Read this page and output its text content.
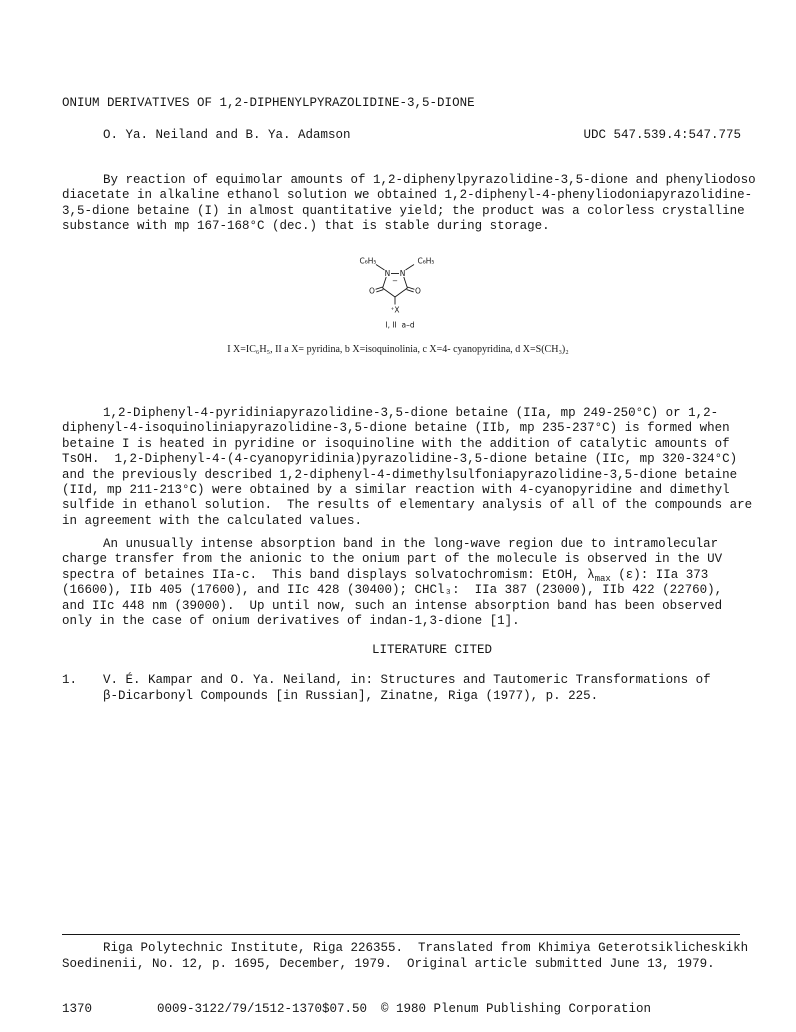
ONIUM DERIVATIVES OF 1,2-DIPHENYLPYRAZOLIDINE-3,5-DIONE
O. Ya. Neiland and B. Ya. Adamson	UDC 547.539.4:547.775
By reaction of equimolar amounts of 1,2-diphenylpyrazolidine-3,5-dione and phenyliodoso
diacetate in alkaline ethanol solution we obtained 1,2-diphenyl-4-phenyliodoniapyrazolidine-
3,5-dione betaine (I) in almost quantitative yield; the product was a colorless crystalline
substance with mp 167-168°C (dec.) that is stable during storage.
C₆H₅	C₆H₅
N N
−
O	O
⁺X
I, II  a–d
I X=IC₆H₅, II a X= pyridina, b X=isoquinolinia, c X=4- cyanopyridina, d X=S(CH₃)₂
1,2-Diphenyl-4-pyridiniapyrazolidine-3,5-dione betaine (IIa, mp 249-250°C) or 1,2-
diphenyl-4-isoquinoliniapyrazolidine-3,5-dione betaine (IIb, mp 235-237°C) is formed when
betaine I is heated in pyridine or isoquinoline with the addition of catalytic amounts of
TsOH.  1,2-Diphenyl-4-(4-cyanopyridinia)pyrazolidine-3,5-dione betaine (IIc, mp 320-324°C)
and the previously described 1,2-diphenyl-4-dimethylsulfoniapyrazolidine-3,5-dione betaine
(IId, mp 211-213°C) were obtained by a similar reaction with 4-cyanopyridine and dimethyl
sulfide in ethanol solution.  The results of elementary analysis of all of the compounds are
in agreement with the calculated values.
An unusually intense absorption band in the long-wave region due to intramolecular
charge transfer from the anionic to the onium part of the molecule is observed in the UV
spectra of betaines IIa-c.  This band displays solvatochromism: EtOH, $\lambda_{max}$ (ε): IIa 373
(16600), IIb 405 (17600), and IIc 428 (30400); CHCl₃:  IIa 387 (23000), IIb 422 (22760),
and IIc 448 nm (39000).  Up until now, such an intense absorption band has been observed
only in the case of onium derivatives of indan-1,3-dione [1].
LITERATURE CITED
1. V. É. Kampar and O. Ya. Neiland, in: Structures and Tautomeric Transformations of
β-Dicarbonyl Compounds [in Russian], Zinatne, Riga (1977), p. 225.
Riga Polytechnic Institute, Riga 226355.  Translated from Khimiya Geterotsiklicheskikh
Soedinenii, No. 12, p. 1695, December, 1979.  Original article submitted June 13, 1979.
1370	0009-3122/79/1512-1370$07.50 © 1980 Plenum Publishing Corporation
